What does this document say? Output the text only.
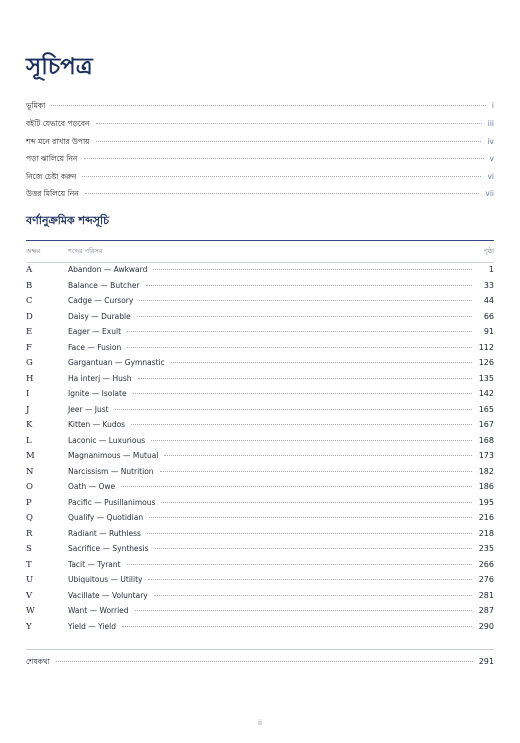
সূচিপত্র
ভূমিকা	i
বইটি যেভাবে পড়বেন	iii
শব্দ মনে রাখার উপায়	iv
পড়া ঝালিয়ে নিন	v
নিজে চেষ্টা করুন	vi
উত্তর মিলিয়ে নিন	vii
বর্ণানুক্রমিক শব্দসূচি
অক্ষর	শব্দের পরিসর	পৃষ্ঠা
A	Abandon — Awkward	1
B	Balance — Butcher	33
C	Cadge — Cursory	44
D	Daisy — Durable	66
E	Eager — Exult	91
F	Face — Fusion	112
G	Gargantuan — Gymnastic	126
H	Ha interj — Hush	135
I	Ignite — Isolate	142
J	Jeer — Just	165
K	Kitten — Kudos	167
L	Laconic — Luxurious	168
M	Magnanimous — Mutual	173
N	Narcissism — Nutrition	182
O	Oath — Owe	186
P	Pacific — Pusillanimous	195
Q	Qualify — Quotidian	216
R	Radiant — Ruthless	218
S	Sacrifice — Synthesis	235
T	Tacit — Tyrant	266
U	Ubiquitous — Utility	276
V	Vacillate — Voluntary	281
W	Want — Worried	287
Y	Yield — Yield	290
শেষকথা	291
ii
